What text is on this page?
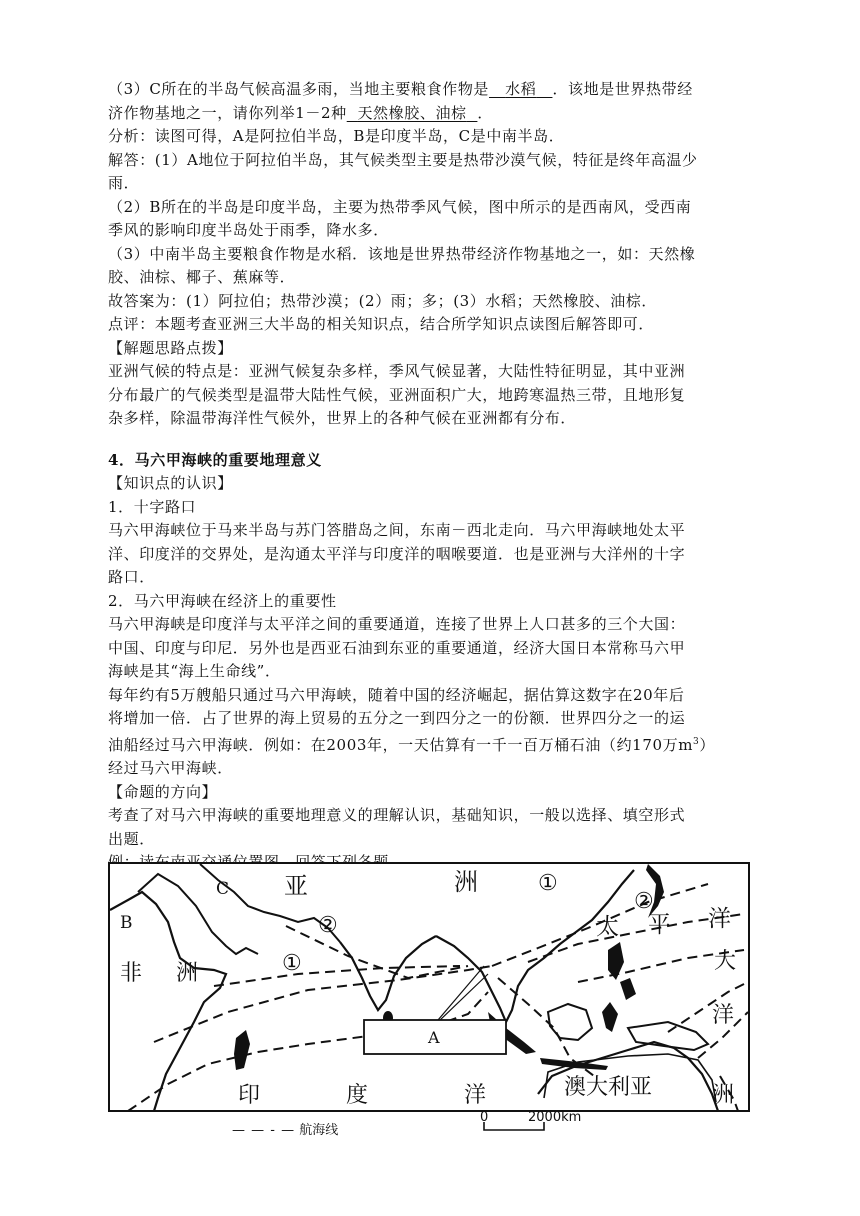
（3）C所在的半岛气候高温多雨，当地主要粮食作物是 水稻 ．该地是世界热带经
济作物基地之一，请你列举1－2种 天然橡胶、油棕 ．
分析：读图可得，A是阿拉伯半岛，B是印度半岛，C是中南半岛．
解答：(1）A地位于阿拉伯半岛，其气候类型主要是热带沙漠气候，特征是终年高温少
雨．
（2）B所在的半岛是印度半岛，主要为热带季风气候，图中所示的是西南风，受西南
季风的影响印度半岛处于雨季，降水多．
（3）中南半岛主要粮食作物是水稻．该地是世界热带经济作物基地之一，如：天然橡
胶、油棕、椰子、蕉麻等．
故答案为：(1）阿拉伯；热带沙漠；(2）雨；多；(3）水稻；天然橡胶、油棕．
点评：本题考查亚洲三大半岛的相关知识点，结合所学知识点读图后解答即可．
【解题思路点拨】
亚洲气候的特点是：亚洲气候复杂多样，季风气候显著，大陆性特征明显，其中亚洲
分布最广的气候类型是温带大陆性气候，亚洲面积广大，地跨寒温热三带，且地形复
杂多样，除温带海洋性气候外，世界上的各种气候在亚洲都有分布．
4．马六甲海峡的重要地理意义
【知识点的认识】
1．十字路口
马六甲海峡位于马来半岛与苏门答腊岛之间，东南－西北走向．马六甲海峡地处太平
洋、印度洋的交界处，是沟通太平洋与印度洋的咽喉要道．也是亚洲与大洋州的十字
路口．
2．马六甲海峡在经济上的重要性
马六甲海峡是印度洋与太平洋之间的重要通道，连接了世界上人口甚多的三个大国：
中国、印度与印尼．另外也是西亚石油到东亚的重要通道，经济大国日本常称马六甲
海峡是其“海上生命线”．
每年约有5万艘船只通过马六甲海峡，随着中国的经济崛起，据估算这数字在20年后
将增加一倍．占了世界的海上贸易的五分之一到四分之一的份额．世界四分之一的运
油船经过马六甲海峡．例如：在2003年，一天估算有一千一百万桶石油（约170万$m^3$）
经过马六甲海峡．
【命题的方向】
考查了对马六甲海峡的重要地理意义的理解认识，基础知识，一般以选择、填空形式
出题．
C 亚	洲
B
非 洲
太 平 洋
大
洋
洲
澳大利亚
印	度	洋
A
①
②
②
①
— — - — 航海线
0	2000km
